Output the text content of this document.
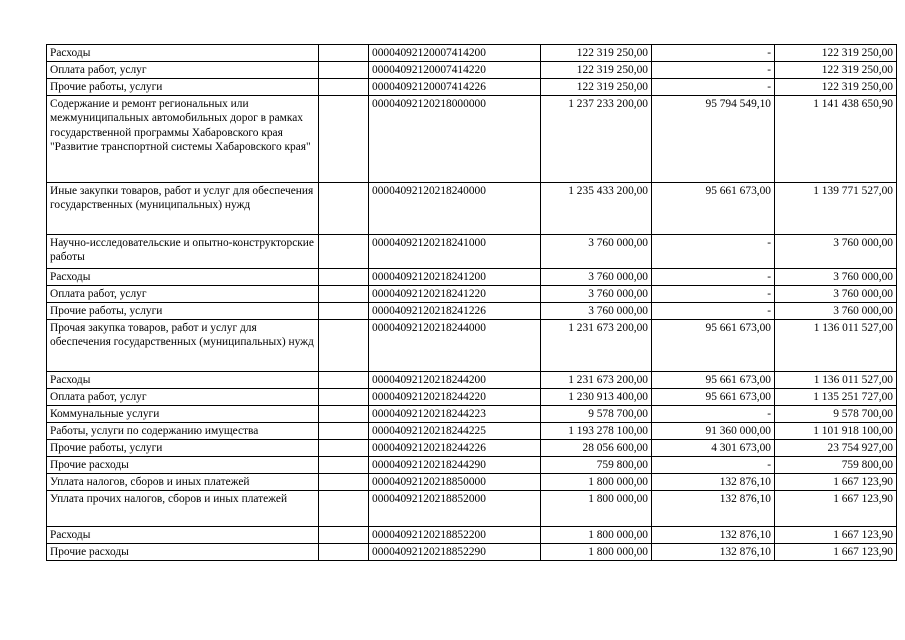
Расходы		00004092120007414200	122 319 250,00	-	122 319 250,00
Оплата работ, услуг		00004092120007414220	122 319 250,00	-	122 319 250,00
Прочие работы, услуги		00004092120007414226	122 319 250,00	-	122 319 250,00
Содержание и ремонт региональных или межмуниципальных автомобильных дорог в рамках государственной программы Хабаровского края "Развитие транспортной системы Хабаровского края"		00004092120218000000	1 237 233 200,00	95 794 549,10	1 141 438 650,90
Иные закупки товаров, работ и услуг для обеспечения государственных (муниципальных) нужд		00004092120218240000	1 235 433 200,00	95 661 673,00	1 139 771 527,00
Научно-исследовательские и опытно-конструкторские работы		00004092120218241000	3 760 000,00	-	3 760 000,00
Расходы		00004092120218241200	3 760 000,00	-	3 760 000,00
Оплата работ, услуг		00004092120218241220	3 760 000,00	-	3 760 000,00
Прочие работы, услуги		00004092120218241226	3 760 000,00	-	3 760 000,00
Прочая закупка товаров, работ и услуг для обеспечения государственных (муниципальных) нужд		00004092120218244000	1 231 673 200,00	95 661 673,00	1 136 011 527,00
Расходы		00004092120218244200	1 231 673 200,00	95 661 673,00	1 136 011 527,00
Оплата работ, услуг		00004092120218244220	1 230 913 400,00	95 661 673,00	1 135 251 727,00
Коммунальные услуги		00004092120218244223	9 578 700,00	-	9 578 700,00
Работы, услуги по содержанию имущества		00004092120218244225	1 193 278 100,00	91 360 000,00	1 101 918 100,00
Прочие работы, услуги		00004092120218244226	28 056 600,00	4 301 673,00	23 754 927,00
Прочие расходы		00004092120218244290	759 800,00	-	759 800,00
Уплата налогов, сборов и иных платежей		00004092120218850000	1 800 000,00	132 876,10	1 667 123,90
Уплата прочих налогов, сборов и иных платежей		00004092120218852000	1 800 000,00	132 876,10	1 667 123,90
Расходы		00004092120218852200	1 800 000,00	132 876,10	1 667 123,90
Прочие расходы		00004092120218852290	1 800 000,00	132 876,10	1 667 123,90
